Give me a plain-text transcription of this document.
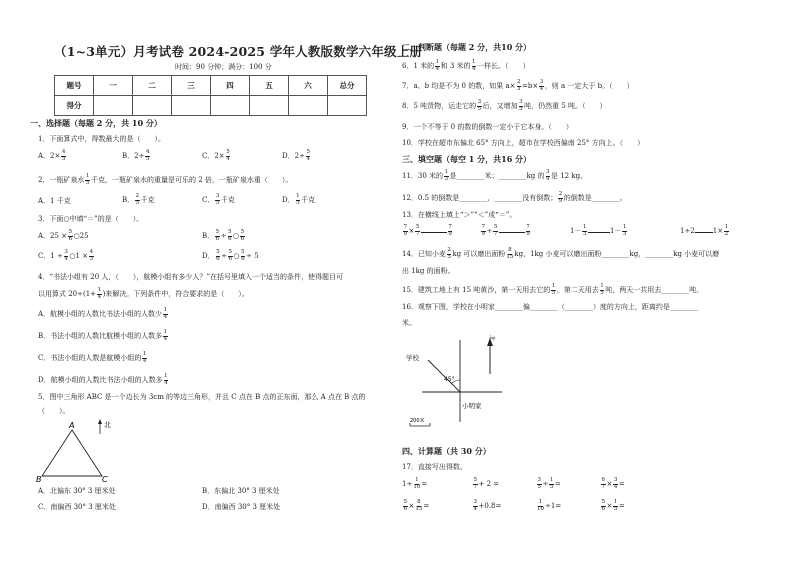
（1~3单元）月考试卷 2024-2025 学年人教版数学六年级上册
时间：90 分钟；满分：100 分
题号	一	二	三	四	五	六	总分
得分							
一、选择题（每题 2 分，共 10 分）
1．下面算式中，得数最大的是（　　）。
A．$2\times \frac{4}{5}$	B．$2\div \frac{4}{5}$	C．$2\times \frac{5}{4}$	D．$2\div \frac{5}{4}$
2．一瓶矿泉水 $\frac{1}{5}$ 千克，一瓶矿泉水的重量是可乐的 2 倍，一瓶矿泉水重（　　）。
A．1 千克	B． $\frac{2}{5}$ 千克	C． $\frac{3}{5}$ 千克	D． $\frac{1}{5}$ 千克
3．下面○中填“＝”的是（　　）。
A．$25 \times \frac{5}{6}$ ○25	B． $\frac{5}{6} \div \frac{5}{6}$ ○ $\frac{5}{6}$
C．$1 \div \frac{3}{4}$ ○1 × $\frac{4}{3}$	D． $\frac{5}{6} \div \frac{5}{6}$ ○ $\frac{5}{6} \div 5$
4．“书法小组有 20 人，（　　），航模小组有多少人？”在括号里填入一个适当的条件，使得题目可
以用算式 $20\div(1+ \frac{1}{4}$ )来解决。下列条件中，符合要求的是（　　）。
A．航模小组的人数比书法小组的人数少 $\frac{1}{4}$
B．书法小组的人数比航模小组的人数多 $\frac{1}{4}$
C．书法小组的人数是航模小组的 $\frac{1}{4}$
D．航模小组的人数比书法小组的人数多 $\frac{1}{4}$
5．图中三角形 ABC 是一个边长为 3cm 的等边三角形，并且 C 点在 B 点的正东面，那么 A 点在 B 点的
（　　）。
A
B	C
北
A．北偏东 30° 3 厘米处	B．东偏北 30° 3 厘米处
C．南偏西 30° 3 厘米处	D．南偏西 30° 3 厘米处
二、判断题（每题 2 分，共10 分）
6．1 米的 $\frac{1}{4}$ 和 3 米的 $\frac{1}{4}$ 一样长。（　　）
7．a、b 均是不为 0 的数，如果 $a\times \frac{2}{3} =b\times \frac{3}{4}$ ，则 a 一定大于 b。（　　）
8．5 吨货物，运走它的 $\frac{3}{5}$ 后，又增加 $\frac{3}{5}$ 吨，仍然重 5 吨。（　　）
9．一个不等于 0 的数的倒数一定小于它本身。（　　）
10．学校在超市东偏北 65° 方向上，超市在学校西偏南 25° 方向上。（　　）
三、填空题（每空 1 分，共16 分）
11．30 米的 $\frac{1}{3}$ 是________米；________kg 的 $\frac{3}{4}$ 是 12 kg。
12．0.5 的倒数是________，________没有倒数； $\frac{2}{9}$ 的倒数是________。
13．在横线上填上“＞”“＜”或“＝”。
$\frac{7}{9} \times \frac{5}{7}$	$\frac{7}{9}$	$\frac{7}{9} \div \frac{5}{7}$	$\frac{7}{9}$	$1- \frac{1}{3}$	$1- \frac{1}{3}$	1÷2	$1\times \frac{1}{2}$
14．已知小麦 $\frac{2}{5}$ kg 可以磨出面粉 $\frac{8}{15}$ kg，1kg 小麦可以磨出面粉________kg，________kg 小麦可以磨
出 1kg 的面粉。
15．建筑工地上有 15 吨黄沙，第一天用去它的 $\frac{1}{5}$ ，第二天用去 $\frac{1}{5}$ 吨，两天一共用去________吨。
16．观察下图，学校在小明家________偏________（________）度的方向上，距离约是________
米。
学校
45°
小明家
北
200米
四、计算题（共 30 分）
17．直接写出得数。
$1\div \frac{1}{10}$ =	$\frac{5}{7} + 2$ =	$\frac{3}{5} \div \frac{1}{5}$ =	$\frac{6}{7} \times \frac{3}{4}$ =
$\frac{5}{6} \times \frac{8}{15}$ =	$\frac{3}{4} +0.8=$	$\frac{1}{10} \div 1=$	$\frac{5}{6} \times \frac{1}{5}$ =
